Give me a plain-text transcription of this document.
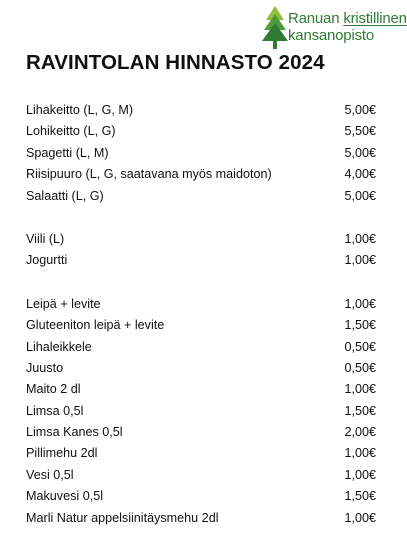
Ranuan kristillinen
kansanopisto
RAVINTOLAN HINNASTO 2024
Lihakeitto (L, G, M)	5,00€
Lohikeitto (L, G)	5,50€
Spagetti (L, M)	5,00€
Riisipuuro (L, G, saatavana myös maidoton)	4,00€
Salaatti (L, G)	5,00€
Viili (L)	1,00€
Jogurtti	1,00€
Leipä + levite	1,00€
Gluteeniton leipä + levite	1,50€
Lihaleikkele	0,50€
Juusto	0,50€
Maito 2 dl	1,00€
Limsa 0,5l	1,50€
Limsa Kanes 0,5l	2,00€
Pillimehu 2dl	1,00€
Vesi 0,5l	1,00€
Makuvesi 0,5l	1,50€
Marli Natur appelsiinitäysmehu 2dl	1,00€
